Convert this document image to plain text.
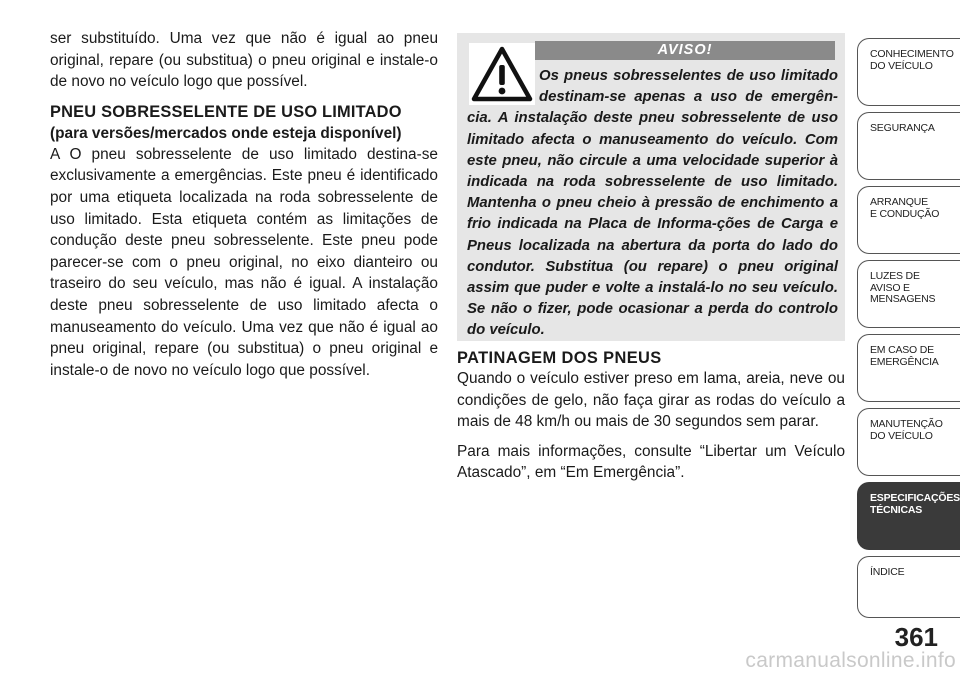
ser substituído. Uma vez que não é igual ao pneu original, repare (ou substitua) o pneu original e instale-o de novo no veículo logo que possível.

PNEU SOBRESSELENTE DE USO LIMITADO
(para versões/mercados onde esteja disponível)

A O pneu sobresselente de uso limitado destina-se exclusivamente a emergências. Este pneu é identificado por uma etiqueta localizada na roda sobresselente de uso limitado. Esta etiqueta contém as limitações de condução deste pneu sobresselente. Este pneu pode parecer-se com o pneu original, no eixo dianteiro ou traseiro do seu veículo, mas não é igual. A instalação deste pneu sobresselente de uso limitado afecta o manuseamento do veículo. Uma vez que não é igual ao pneu original, repare (ou substitua) o pneu original e instale-o de novo no veículo logo que possível.

AVISO!
Os pneus sobresselentes de uso limitado destinam-se apenas a uso de emergên-cia. A instalação deste pneu sobresselente de uso limitado afecta o manuseamento do veículo. Com este pneu, não circule a uma velocidade superior à indicada na roda sobresselente de uso limitado. Mantenha o pneu cheio à pressão de enchimento a frio indicada na Placa de Informa-ções de Carga e Pneus localizada na abertura da porta do lado do condutor. Substitua (ou repare) o pneu original assim que puder e volte a instalá-lo no seu veículo. Se não o fizer, pode ocasionar a perda do controlo do veículo.
PATINAGEM DOS PNEUS

Quando o veículo estiver preso em lama, areia, neve ou condições de gelo, não faça girar as rodas do veículo a mais de 48 km/h ou mais de 30 segundos sem parar.

Para mais informações, consulte “Libertar um Veículo Atascado”, em “Em Emergência”.

CONHECIMENTO
DO VEÍCULO
SEGURANÇA
ARRANQUE
E CONDUÇÃO
LUZES DE
AVISO E
MENSAGENS
EM CASO DE
EMERGÊNCIA
MANUTENÇÃO
DO VEÍCULO
ESPECIFICAÇÕES
TÉCNICAS
ÍNDICE
361
carmanualsonline.info
